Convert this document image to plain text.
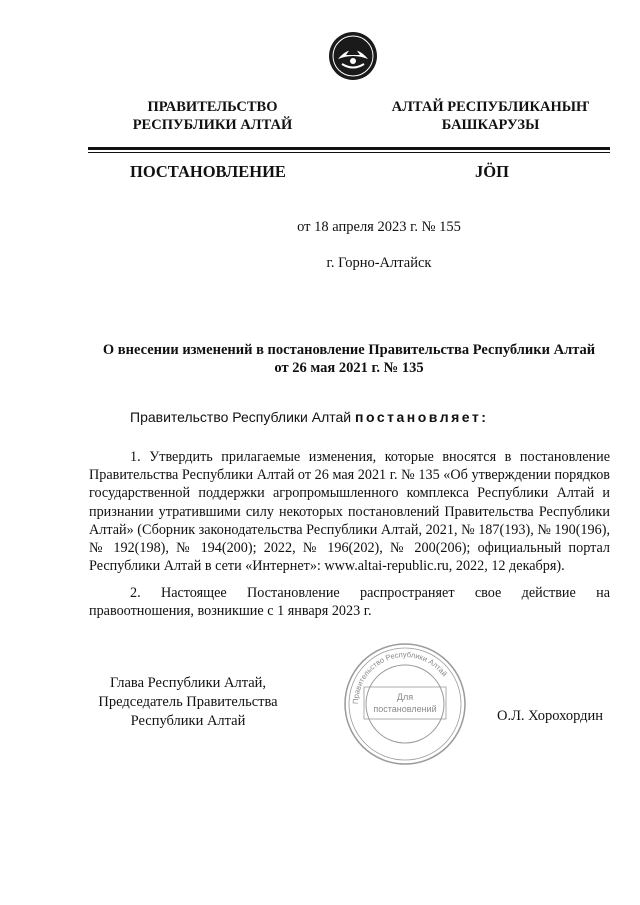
ПРАВИТЕЛЬСТВО
РЕСПУБЛИКИ АЛТАЙ
АЛТАЙ РЕСПУБЛИКАНЫҤ
БАШКАРУЗЫ
ПОСТАНОВЛЕНИЕ	JÖП
от 18 апреля 2023 г. № 155
г. Горно-Алтайск
О внесении изменений в постановление Правительства Республики Алтай
от 26 мая 2021 г. № 135
Правительство Республики Алтай постановляет:
1. Утвердить прилагаемые изменения, которые вносятся в постановление Правительства Республики Алтай от 26 мая 2021 г. № 135 «Об утверждении порядков государственной поддержки агропромышленного комплекса Республики Алтай и признании утратившими силу некоторых постановлений Правительства Республики Алтай» (Сборник законодательства Республики Алтай, 2021, № 187(193), № 190(196), № 192(198), № 194(200); 2022, № 196(202), № 200(206); официальный портал Республики Алтай в сети «Интернет»: www.altai-republic.ru, 2022, 12 декабря).
2. Настоящее Постановление распространяет свое действие на правоотношения, возникшие с 1 января 2023 г.
Глава Республики Алтай,
Председатель Правительства
Республики Алтай	О.Л. Хорохордин
Правительство Республики Алтай
Для
постановлений
